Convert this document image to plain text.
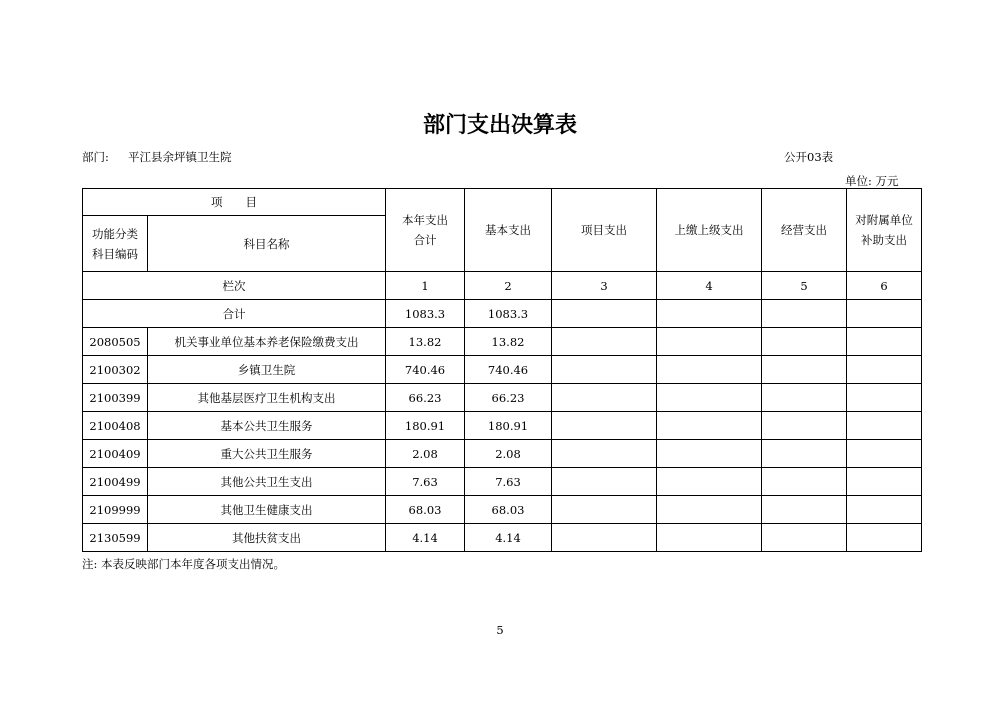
部门支出决算表
部门: 平江县余坪镇卫生院	公开03表
单位: 万元
项　　目		本年支出合计	基本支出	项目支出	上缴上级支出	经营支出	对附属单位补助支出
功能分类科目编码	科目名称						
栏次		1	2	3	4	5	6
合计		1083.3	1083.3				
2080505	机关事业单位基本养老保险缴费支出	13.82	13.82				
2100302	乡镇卫生院	740.46	740.46				
2100399	其他基层医疗卫生机构支出	66.23	66.23				
2100408	基本公共卫生服务	180.91	180.91				
2100409	重大公共卫生服务	2.08	2.08				
2100499	其他公共卫生支出	7.63	7.63				
2109999	其他卫生健康支出	68.03	68.03				
2130599	其他扶贫支出	4.14	4.14				
注: 本表反映部门本年度各项支出情况。
5
